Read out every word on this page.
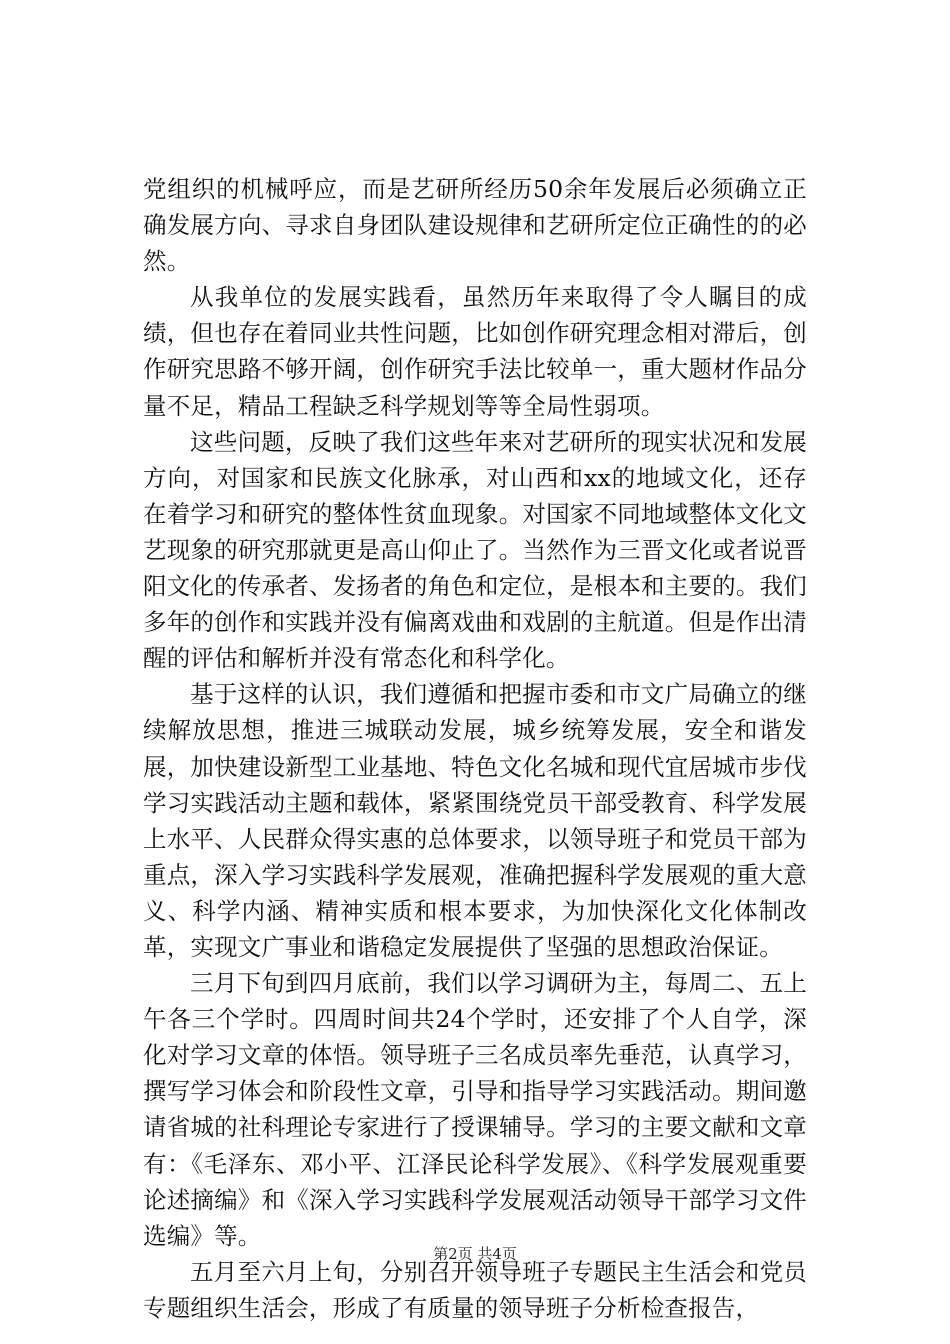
党组织的机械呼应，而是艺研所经历50余年发展后必须确立正确发展方向、寻求自身团队建设规律和艺研所定位正确性的的必然。

从我单位的发展实践看，虽然历年来取得了令人瞩目的成绩，但也存在着同业共性问题，比如创作研究理念相对滞后，创作研究思路不够开阔，创作研究手法比较单一，重大题材作品分量不足，精品工程缺乏科学规划等等全局性弱项。

这些问题，反映了我们这些年来对艺研所的现实状况和发展方向，对国家和民族文化脉承，对山西和xx的地域文化，还存在着学习和研究的整体性贫血现象。对国家不同地域整体文化文艺现象的研究那就更是高山仰止了。当然作为三晋文化或者说晋阳文化的传承者、发扬者的角色和定位，是根本和主要的。我们多年的创作和实践并没有偏离戏曲和戏剧的主航道。但是作出清醒的评估和解析并没有常态化和科学化。

基于这样的认识，我们遵循和把握市委和市文广局确立的继续解放思想，推进三城联动发展，城乡统筹发展，安全和谐发展，加快建设新型工业基地、特色文化名城和现代宜居城市步伐学习实践活动主题和载体，紧紧围绕党员干部受教育、科学发展上水平、人民群众得实惠的总体要求，以领导班子和党员干部为重点，深入学习实践科学发展观，准确把握科学发展观的重大意义、科学内涵、精神实质和根本要求，为加快深化文化体制改革，实现文广事业和谐稳定发展提供了坚强的思想政治保证。

三月下旬到四月底前，我们以学习调研为主，每周二、五上午各三个学时。四周时间共24个学时，还安排了个人自学，深化对学习文章的体悟。领导班子三名成员率先垂范，认真学习，撰写学习体会和阶段性文章，引导和指导学习实践活动。期间邀请省城的社科理论专家进行了授课辅导。学习的主要文献和文章有：《毛泽东、邓小平、江泽民论科学发展》、《科学发展观重要论述摘编》和《深入学习实践科学发展观活动领导干部学习文件选编》等。

五月至六月上旬，分别召开领导班子专题民主生活会和党员专题组织生活会，形成了有质量的领导班子分析检查报告，

第2页 共4页
